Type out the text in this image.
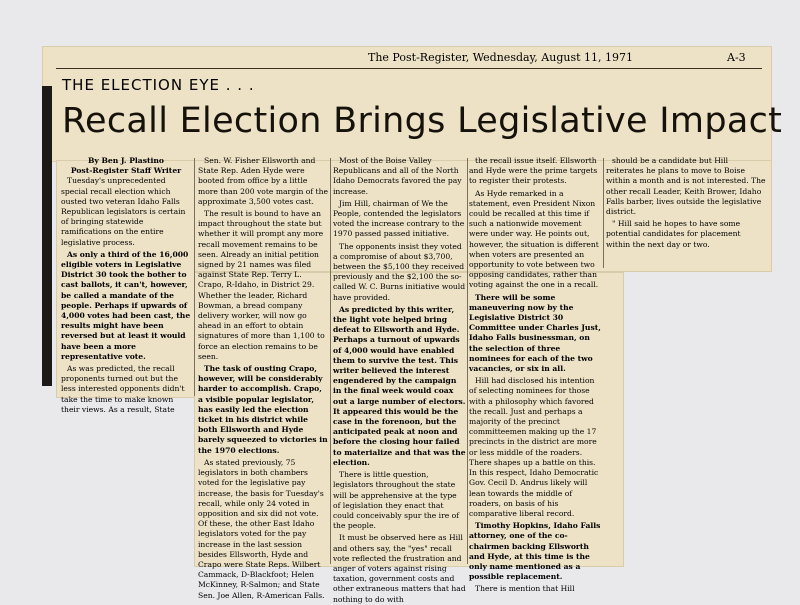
The Post-Register, Wednesday, August 11, 1971	A-3
THE ELECTION EYE . . .
Recall Election Brings Legislative Impact

By Ben J. Plastino

Post-Register Staff Writer

Tuesday's unprecedented special recall election which ousted two veteran Idaho Falls Republican legislators is certain of bringing statewide ramifications on the entire legislative process.

As only a third of the 16,000 eligible voters in Legislative District 30 took the bother to cast ballots, it can't, however, be called a mandate of the people. Perhaps if upwards of 4,000 votes had been cast, the results might have been reversed but at least it would have been a more representative vote.

As was predicted, the recall proponents turned out but the less interested opponents didn't take the time to make known their views. As a result, State

Sen. W. Fisher Ellsworth and State Rep. Aden Hyde were booted from office by a little more than 200 vote margin of the approximate 3,500 votes cast.

The result is bound to have an impact throughout the state but whether it will prompt any more recall movement remains to be seen. Already an initial petition signed by 21 names was filed against State Rep. Terry L. Crapo, R-Idaho, in District 29. Whether the leader, Richard Bowman, a bread company delivery worker, will now go ahead in an effort to obtain signatures of more than 1,100 to force an election remains to be seen.

The task of ousting Crapo, however, will be considerably harder to accomplish. Crapo, a visible popular legislator, has easily led the election ticket in his district while both Ellsworth and Hyde barely squeezed to victories in the 1970 elections.

As stated previously, 75 legislators in both chambers voted for the legislative pay increase, the basis for Tuesday's recall, while only 24 voted in opposition and six did not vote. Of these, the other East Idaho legislators voted for the pay increase in the last session besides Ellsworth, Hyde and Crapo were State Reps. Wilbert Cammack, D-Blackfoot; Helen McKinney, R-Salmon; and State Sen. Joe Allen, R-American Falls.

Most of the Boise Valley Republicans and all of the North Idaho Democrats favored the pay increase.

Jim Hill, chairman of We the People, contended the legislators voted the increase contrary to the 1970 passed passed initiative.

The opponents insist they voted a compromise of about $3,700, between the $5,100 they received previously and the $2,100 the so-called W. C. Burns initiative would have provided.

As predicted by this writer, the light vote helped bring defeat to Ellsworth and Hyde. Perhaps a turnout of upwards of 4,000 would have enabled them to survive the test. This writer believed the interest engendered by the campaign in the final week would coax out a large number of electors. It appeared this would be the case in the forenoon, but the anticipated peak at noon and before the closing hour failed to materialize and that was the election.

There is little question, legislators throughout the state will be apprehensive at the type of legislation they enact that could conceivably spur the ire of the people.

It must be observed here as Hill and others say, the "yes" recall vote reflected the frustration and anger of voters against rising taxation, government costs and other extraneous matters that had nothing to do with

the recall issue itself. Ellsworth and Hyde were the prime targets to register their protests.

As Hyde remarked in a statement, even President Nixon could be recalled at this time if such a nationwide movement were under way. He points out, however, the situation is different when voters are presented an opportunity to vote between two opposing candidates, rather than voting against the one in a recall.

There will be some maneuvering now by the Legislative District 30 Committee under Charles Just, Idaho Falls businessman, on the selection of three nominees for each of the two vacancies, or six in all.

Hill had disclosed his intention of selecting nominees for those with a philosophy which favored the recall. Just and perhaps a majority of the precinct committeemen making up the 17 precincts in the district are more or less middle of the roaders. There shapes up a battle on this. In this respect, Idaho Democratic Gov. Cecil D. Andrus likely will lean towards the middle of roaders, on basis of his comparative liberal record.

Timothy Hopkins, Idaho Falls attorney, one of the co-chairmen backing Ellsworth and Hyde, at this time is the only name mentioned as a possible replacement.

There is mention that Hill

should be a candidate but Hill reiterates he plans to move to Boise within a month and is not interested. The other recall Leader, Keith Brower, Idaho Falls barber, lives outside the legislative district.

" Hill said he hopes to have some potential candidates for placement within the next day or two.
